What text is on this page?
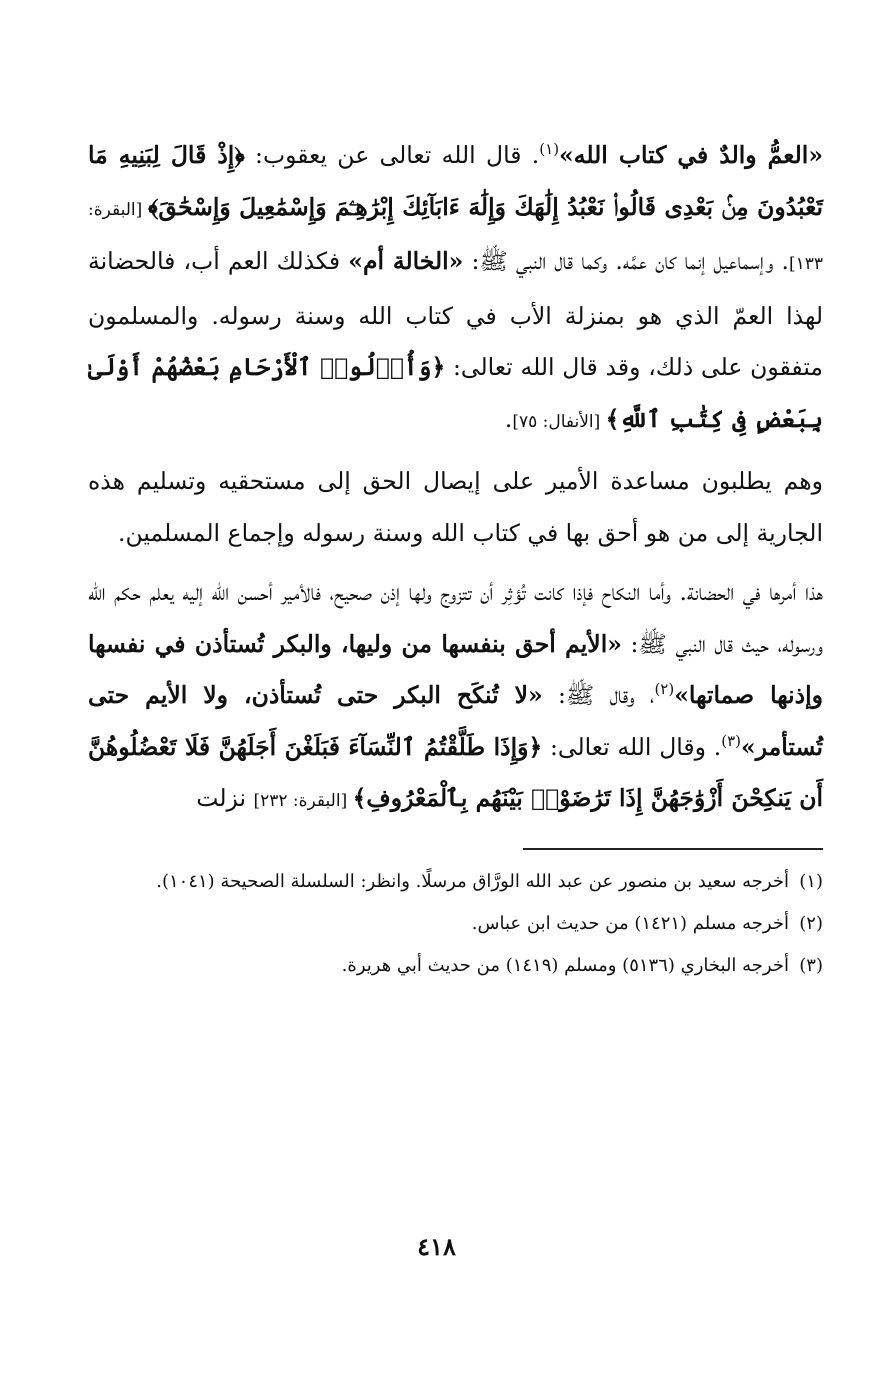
«العمُّ والدٌ في كتاب الله»$^{(١)}$. قال الله تعالى عن يعقوب: ﴿إِذْ قَالَ لِبَنِيهِ مَا تَعْبُدُونَ مِنۢ بَعْدِى قَالُوا۟ نَعْبُدُ إِلَٰهَكَ وَإِلَٰهَ ءَابَآئِكَ إِبْرَٰهِـۧمَ وَإِسْمَٰعِيلَ وَإِسْحَٰقَ﴾ [البقرة: ١٣٣]. وإسماعيل إنما كان عمَّه. وكما قال النبي ﷺ: «الخالة أم» فكذلك العم أب، فالحضانة لهذا العمّ الذي هو بمنزلة الأب في كتاب الله وسنة رسوله. والمسلمون متفقون على ذلك، وقد قال الله تعالى: ﴿وَأُو۟لُوا۟ ٱلْأَرْحَامِ بَعْضُهُمْ أَوْلَىٰ بِبَعْضٍ فِى كِتَٰبِ ٱللَّهِ﴾ [الأنفال: ٧٥].

وهم يطلبون مساعدة الأمير على إيصال الحق إلى مستحقيه وتسليم هذه الجارية إلى من هو أحق بها في كتاب الله وسنة رسوله وإجماع المسلمين.

هذا أمرها في الحضانة. وأما النكاح فإذا كانت تُؤثِر أن تتزوج ولها إذن صحيح، فالأمير أحسن الله إليه يعلم حكم الله ورسوله، حيث قال النبي ﷺ: «الأيم أحق بنفسها من وليها، والبكر تُستأذن في نفسها وإذنها صماتها»$^{(٢)}$، وقال ﷺ: «لا تُنكَح البكر حتى تُستأذن، ولا الأيم حتى تُستأمر»$^{(٣)}$. وقال الله تعالى: ﴿وَإِذَا طَلَّقْتُمُ ٱلنِّسَآءَ فَبَلَغْنَ أَجَلَهُنَّ فَلَا تَعْضُلُوهُنَّ أَن يَنكِحْنَ أَزْوَٰجَهُنَّ إِذَا تَرَٰضَوْا۟ بَيْنَهُم بِٱلْمَعْرُوفِ﴾ [البقرة: ٢٣٢] نزلت

(١)
أخرجه سعيد بن منصور عن عبد الله الورَّاق مرسلًا. وانظر: السلسلة الصحيحة (١٠٤١).

(٢)
أخرجه مسلم (١٤٢١) من حديث ابن عباس.

(٣)
أخرجه البخاري (٥١٣٦) ومسلم (١٤١٩) من حديث أبي هريرة.

٤١٨
